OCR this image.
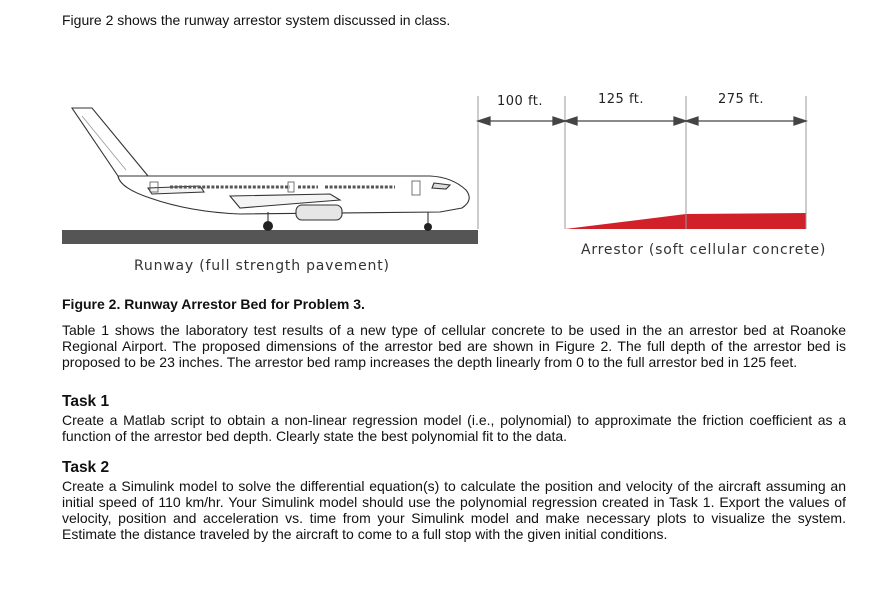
Figure 2 shows the runway arrestor system discussed in class.
100 ft.	125 ft.	275 ft.
Runway (full strength pavement)
Arrestor (soft cellular concrete)
Figure 2. Runway Arrestor Bed for Problem 3.
Table 1 shows the laboratory test results of a new type of cellular concrete to be used in the an arrestor bed at Roanoke Regional Airport. The proposed dimensions of the arrestor bed are shown in Figure 2. The full depth of the arrestor bed is proposed to be 23 inches. The arrestor bed ramp increases the depth linearly from 0 to the full arrestor bed in 125 feet.
Task 1
Create a Matlab script to obtain a non-linear regression model (i.e., polynomial) to approximate the friction coefficient as a function of the arrestor bed depth. Clearly state the best polynomial fit to the data.
Task 2
Create a Simulink model to solve the differential equation(s) to calculate the position and velocity of the aircraft assuming an initial speed of 110 km/hr. Your Simulink model should use the polynomial regression created in Task 1. Export the values of velocity, position and acceleration vs. time from your Simulink model and make necessary plots to visualize the system. Estimate the distance traveled by the aircraft to come to a full stop with the given initial conditions.
